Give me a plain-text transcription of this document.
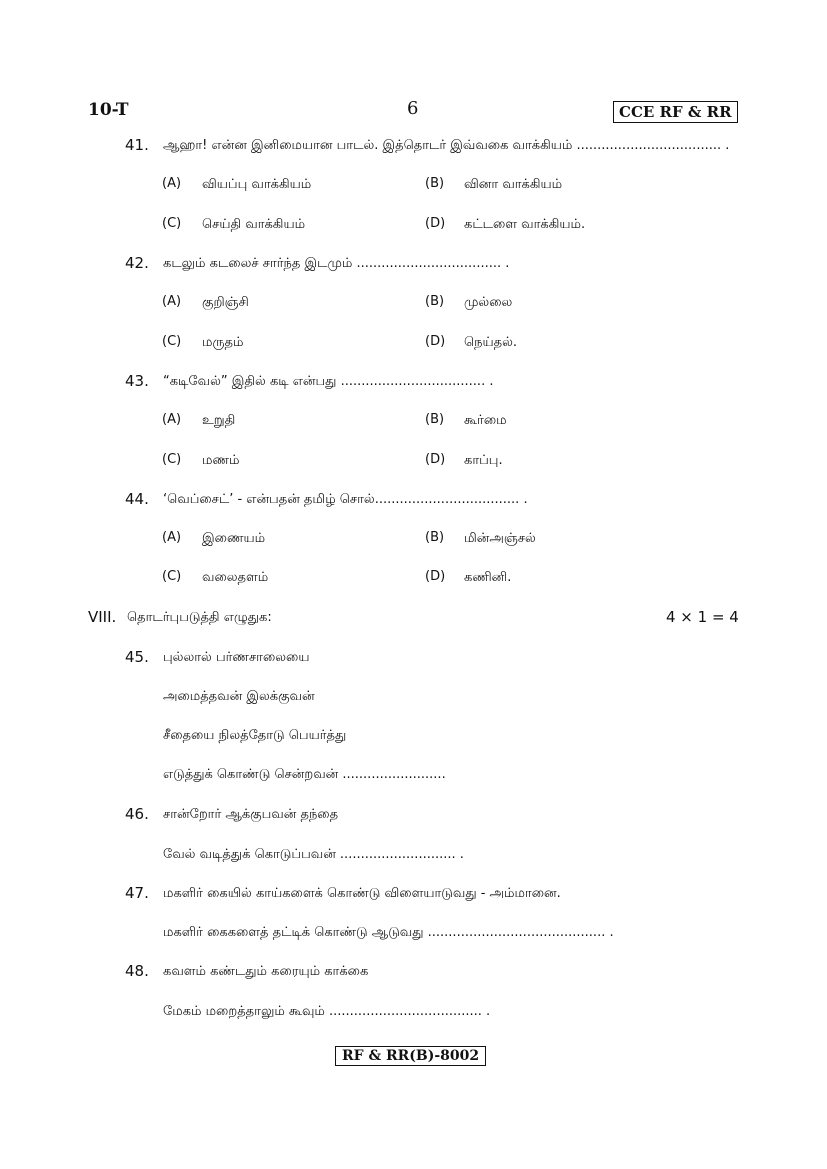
10-T	6	CCE RF & RR
41. ஆஹா! என்ன இனிமையான பாடல். இத்தொடர் இவ்வகை வாக்கியம் ................................... .
(A) வியப்பு வாக்கியம்	(B) வினா வாக்கியம்
(C) செய்தி வாக்கியம்	(D) கட்டளை வாக்கியம்.
42. கடலும் கடலைச் சார்ந்த இடமும் ................................... .
(A) குறிஞ்சி	(B) முல்லை
(C) மருதம்	(D) நெய்தல்.
43. “கடிவேல்” இதில் கடி என்பது ................................... .
(A) உறுதி	(B) கூர்மை
(C) மணம்	(D) காப்பு.
44. ‘வெப்சைட்’ - என்பதன் தமிழ் சொல்................................... .
(A) இணையம்	(B) மின்அஞ்சல்
(C) வலைதளம்	(D) கணினி.
VIII. தொடர்புபடுத்தி எழுதுக:	4 × 1 = 4
45. புல்லால் பர்ணசாலையை
அமைத்தவன் இலக்குவன்
சீதையை நிலத்தோடு பெயர்த்து
எடுத்துக் கொண்டு சென்றவன் .........................
46. சான்றோர் ஆக்குபவன் தந்தை
வேல் வடித்துக் கொடுப்பவன் ............................ .
47. மகளிர் கையில் காய்களைக் கொண்டு விளையாடுவது - அம்மானை.
மகளிர் கைகளைத் தட்டிக் கொண்டு ஆடுவது ........................................... .
48. கவளம் கண்டதும் கரையும் காக்கை
மேகம் மறைத்தாலும் கூவும் ..................................... .
RF & RR(B)-8002
